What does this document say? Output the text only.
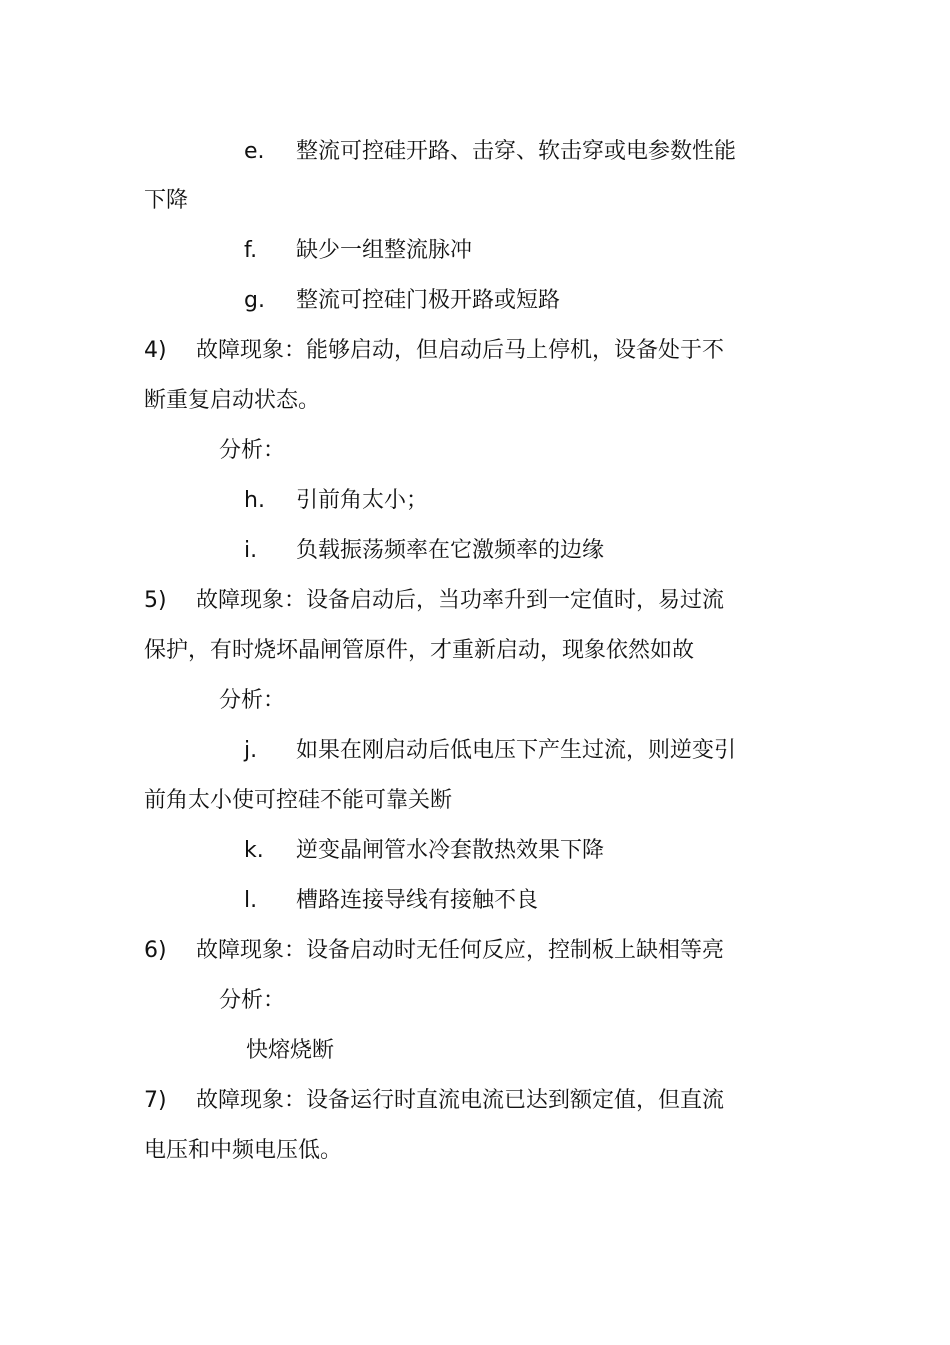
e. 整流可控硅开路、击穿、软击穿或电参数性能
下降
f. 缺少一组整流脉冲
g. 整流可控硅门极开路或短路
4) 故障现象：能够启动，但启动后马上停机，设备处于不
断重复启动状态。
分析：
h. 引前角太小；
i. 负载振荡频率在它激频率的边缘
5) 故障现象：设备启动后，当功率升到一定值时，易过流
保护，有时烧坏晶闸管原件，才重新启动，现象依然如故
分析：
j. 如果在刚启动后低电压下产生过流，则逆变引
前角太小使可控硅不能可靠关断
k. 逆变晶闸管水冷套散热效果下降
l. 槽路连接导线有接触不良
6) 故障现象：设备启动时无任何反应，控制板上缺相等亮
分析：
快熔烧断
7) 故障现象：设备运行时直流电流已达到额定值，但直流
电压和中频电压低。
